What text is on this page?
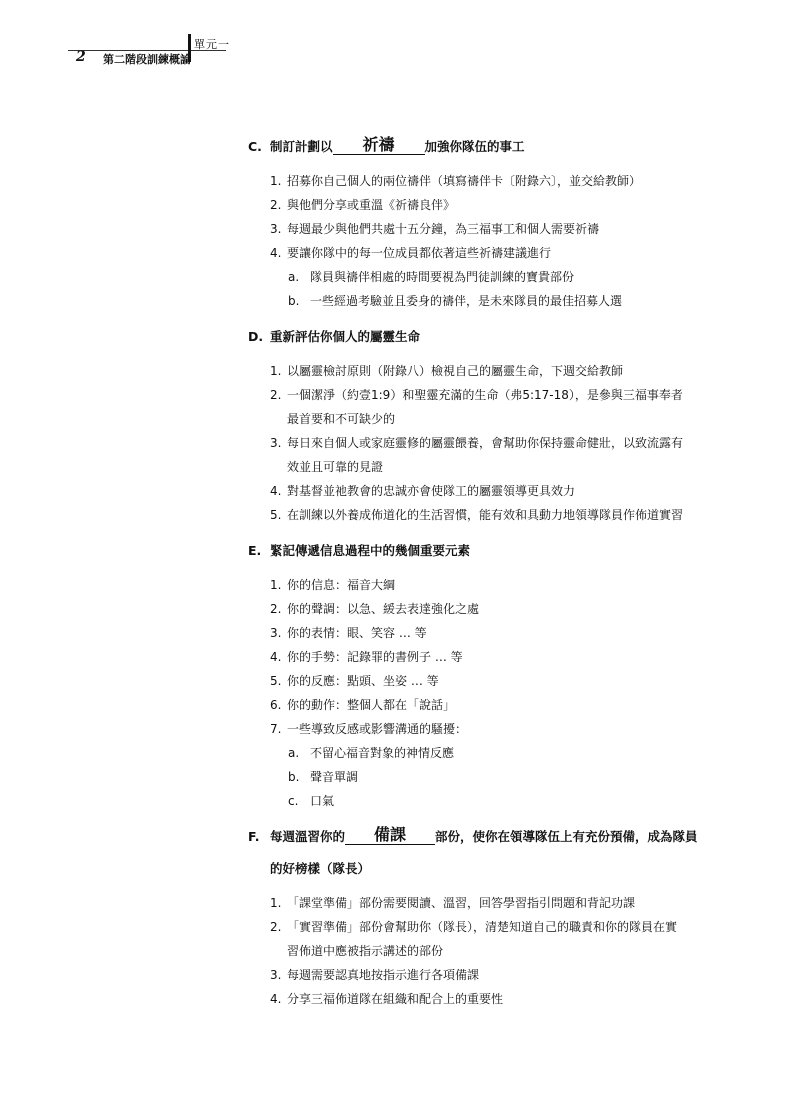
單元一
2 第二階段訓練概論
C. 制訂計劃以 祈禱 加強你隊伍的事工
1. 招募你自己個人的兩位禱伴（填寫禱伴卡〔附錄六〕，並交給教師）
2. 與他們分享或重溫《祈禱良伴》
3. 每週最少與他們共處十五分鐘，為三福事工和個人需要祈禱
4. 要讓你隊中的每一位成員都依著這些祈禱建議進行
a. 隊員與禱伴相處的時間要視為門徒訓練的寶貴部份
b. 一些經過考驗並且委身的禱伴，是未來隊員的最佳招募人選
D. 重新評估你個人的屬靈生命
1. 以屬靈檢討原則（附錄八）檢視自己的屬靈生命，下週交給教師
2. 一個潔淨（約壹1:9）和聖靈充滿的生命（弗5:17-18），是參與三福事奉者
最首要和不可缺少的
3. 每日來自個人或家庭靈修的屬靈餵養，會幫助你保持靈命健壯，以致流露有
效並且可靠的見證
4. 對基督並祂教會的忠誠亦會使隊工的屬靈領導更具效力
5. 在訓練以外養成佈道化的生活習慣，能有效和具動力地領導隊員作佈道實習
E. 緊記傳遞信息過程中的幾個重要元素
1. 你的信息：福音大綱
2. 你的聲調：以急、緩去表達強化之處
3. 你的表情：眼、笑容 … 等
4. 你的手勢：記錄罪的書例子 … 等
5. 你的反應：點頭、坐姿 … 等
6. 你的動作：整個人都在「說話」
7. 一些導致反感或影響溝通的騷擾：
a. 不留心福音對象的神情反應
b. 聲音單調
c. 口氣
F. 每週溫習你的 備課 部份，使你在領導隊伍上有充份預備，成為隊員
的好榜樣（隊長）
1. 「課堂準備」部份需要閱讀、溫習，回答學習指引問題和背記功課
2. 「實習準備」部份會幫助你（隊長），清楚知道自己的職責和你的隊員在實
習佈道中應被指示講述的部份
3. 每週需要認真地按指示進行各項備課
4. 分享三福佈道隊在組織和配合上的重要性
